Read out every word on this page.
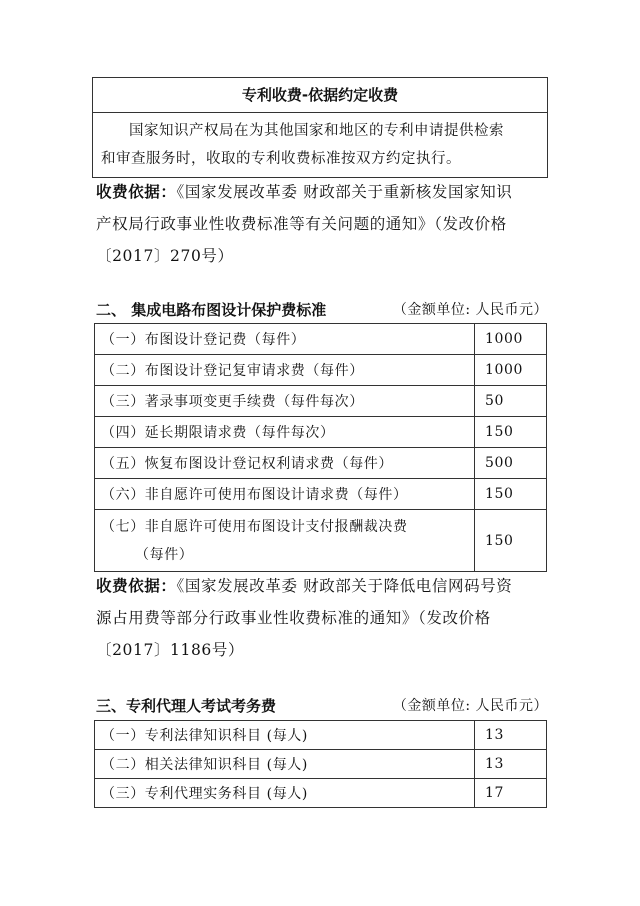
专利收费-依据约定收费
国家知识产权局在为其他国家和地区的专利申请提供检索
和审查服务时，收取的专利收费标准按双方约定执行。
收费依据：《国家发展改革委 财政部关于重新核发国家知识
产权局行政事业性收费标准等有关问题的通知》（发改价格
〔2017〕270号）
二、 集成电路布图设计保护费标准	（金额单位: 人民币元）
（一）布图设计登记费（每件）	1000
（二）布图设计登记复审请求费（每件）	1000
（三）著录事项变更手续费（每件每次）	50
（四）延长期限请求费（每件每次）	150
（五）恢复布图设计登记权利请求费（每件）	500
（六）非自愿许可使用布图设计请求费（每件）	150

（七）非自愿许可使用布图设计支付报酬裁决费
（每件）	150
收费依据：《国家发展改革委 财政部关于降低电信网码号资
源占用费等部分行政事业性收费标准的通知》（发改价格
〔2017〕1186号）
三、专利代理人考试考务费	（金额单位: 人民币元）
（一）专利法律知识科目 (每人)	13
（二）相关法律知识科目 (每人)	13
（三）专利代理实务科目 (每人)	17
